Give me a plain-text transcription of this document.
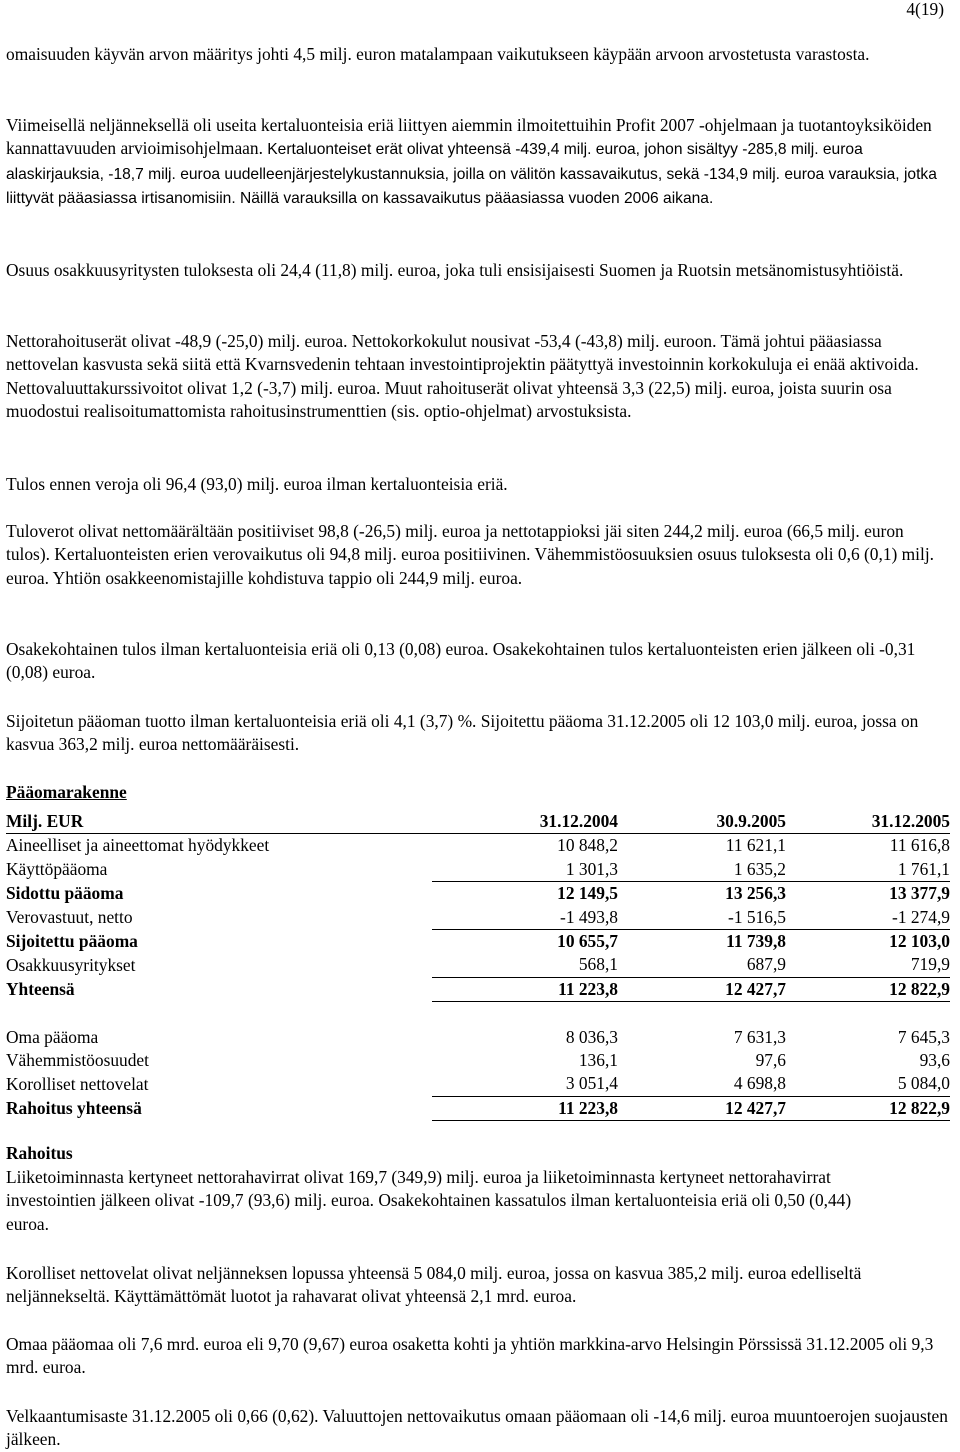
4(19)

omaisuuden käyvän arvon määritys johti 4,5 milj. euron matalampaan vaikutukseen käypään arvoon arvostetusta varastosta.

Viimeisellä neljänneksellä oli useita kertaluonteisia eriä liittyen aiemmin ilmoitettuihin Profit 2007 -ohjelmaan ja tuotantoyksiköiden kannattavuuden arvioimisohjelmaan. Kertaluonteiset erät olivat yhteensä -439,4 milj. euroa, johon sisältyy -285,8 milj. euroa alaskirjauksia, -18,7 milj. euroa uudelleenjärjestelykustannuksia, joilla on välitön kassavaikutus, sekä -134,9 milj. euroa varauksia, jotka liittyvät pääasiassa irtisanomisiin. Näillä varauksilla on kassavaikutus pääasiassa vuoden 2006 aikana.

Osuus osakkuusyritysten tuloksesta oli 24,4 (11,8) milj. euroa, joka tuli ensisijaisesti Suomen ja Ruotsin metsänomistusyhtiöistä.

Nettorahoituserät olivat -48,9 (-25,0) milj. euroa. Nettokorkokulut nousivat -53,4 (-43,8) milj. euroon. Tämä johtui pääasiassa nettovelan kasvusta sekä siitä että Kvarnsvedenin tehtaan investointiprojektin päätyttyä investoinnin korkokuluja ei enää aktivoida. Nettovaluuttakurssivoitot olivat 1,2 (-3,7) milj. euroa. Muut rahoituserät olivat yhteensä 3,3 (22,5) milj. euroa, joista suurin osa muodostui realisoitumattomista rahoitusinstrumenttien (sis. optio-ohjelmat) arvostuksista.

Tulos ennen veroja oli 96,4 (93,0) milj. euroa ilman kertaluonteisia eriä.

Tuloverot olivat nettomäärältään positiiviset 98,8 (-26,5) milj. euroa ja nettotappioksi jäi siten 244,2 milj. euroa (66,5 milj. euron tulos). Kertaluonteisten erien verovaikutus oli 94,8 milj. euroa positiivinen. Vähemmistöosuuksien osuus tuloksesta oli 0,6 (0,1) milj. euroa. Yhtiön osakkeenomistajille kohdistuva tappio oli 244,9 milj. euroa.

Osakekohtainen tulos ilman kertaluonteisia eriä oli 0,13 (0,08) euroa. Osakekohtainen tulos kertaluonteisten erien jälkeen oli -0,31 (0,08) euroa.

Sijoitetun pääoman tuotto ilman kertaluonteisia eriä oli 4,1 (3,7) %. Sijoitettu pääoma 31.12.2005 oli 12 103,0 milj. euroa, jossa on kasvua 363,2 milj. euroa nettomääräisesti.

Pääomarakenne

Milj. EUR	31.12.2004	30.9.2005	31.12.2005
Aineelliset ja aineettomat hyödykkeet	10 848,2	11 621,1	11 616,8
Käyttöpääoma	1 301,3	1 635,2	1 761,1
Sidottu pääoma	12 149,5	13 256,3	13 377,9
Verovastuut, netto	-1 493,8	-1 516,5	-1 274,9
Sijoitettu pääoma	10 655,7	11 739,8	12 103,0
Osakkuusyritykset	568,1	687,9	719,9
Yhteensä	11 223,8	12 427,7	12 822,9

Oma pääoma	8 036,3	7 631,3	7 645,3
Vähemmistöosuudet	136,1	97,6	93,6
Korolliset nettovelat	3 051,4	4 698,8	5 084,0
Rahoitus yhteensä	11 223,8	12 427,7	12 822,9

Rahoitus

Liiketoiminnasta kertyneet nettorahavirrat olivat 169,7 (349,9) milj. euroa ja liiketoiminnasta kertyneet nettorahavirrat investointien jälkeen olivat -109,7 (93,6) milj. euroa. Osakekohtainen kassatulos ilman kertaluonteisia eriä oli 0,50 (0,44) euroa.

Korolliset nettovelat olivat neljänneksen lopussa yhteensä 5 084,0 milj. euroa, jossa on kasvua 385,2 milj. euroa edelliseltä neljännekseltä. Käyttämättömät luotot ja rahavarat olivat yhteensä 2,1 mrd. euroa.

Omaa pääomaa oli 7,6 mrd. euroa eli 9,70 (9,67) euroa osaketta kohti ja yhtiön markkina-arvo Helsingin Pörssissä 31.12.2005 oli 9,3 mrd. euroa.

Velkaantumisaste 31.12.2005 oli 0,66 (0,62). Valuuttojen nettovaikutus omaan pääomaan oli -14,6 milj. euroa muuntoerojen suojausten jälkeen.
